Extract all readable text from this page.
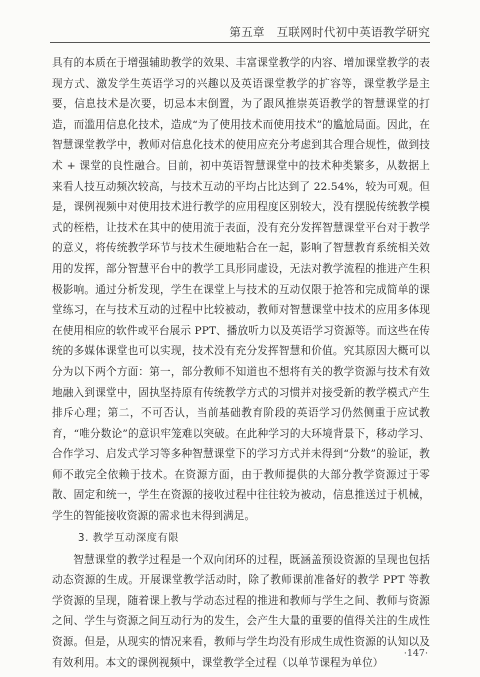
第五章　互联网时代初中英语教学研究

具有的本质在于增强辅助教学的效果、丰富课堂教学的内容、增加课堂教学的表现方式、激发学生英语学习的兴趣以及英语课堂教学的扩容等，课堂教学是主要，信息技术是次要，切忌本末倒置，为了跟风推崇英语教学的智慧课堂的打造，而滥用信息化技术，造成“为了使用技术而使用技术”的尴尬局面。因此，在智慧课堂教学中，教师对信息化技术的使用应充分考虑到其合理合规性，做到技术 + 课堂的良性融合。目前，初中英语智慧课堂中的技术种类繁多，从数据上来看人技互动频次较高，与技术互动的平均占比达到了 22.54%，较为可观。但是，课例视频中对使用技术进行教学的应用程度区别较大，没有摆脱传统教学模式的桎梏，让技术在其中的使用流于表面，没有充分发挥智慧课堂平台对于教学的意义，将传统教学环节与技术生硬地粘合在一起，影响了智慧教育系统相关效用的发挥，部分智慧平台中的教学工具形同虚设，无法对教学流程的推进产生积极影响。通过分析发现，学生在课堂上与技术的互动仅限于抢答和完成简单的课堂练习，在与技术互动的过程中比较被动，教师对智慧课堂中技术的应用多体现在使用相应的软件或平台展示 PPT、播放听力以及英语学习资源等。而这些在传统的多媒体课堂也可以实现，技术没有充分发挥智慧和价值。究其原因大概可以分为以下两个方面：第一，部分教师不知道也不想将有关的教学资源与技术有效地融入到课堂中，固执坚持原有传统教学方式的习惯并对接受新的教学模式产生排斥心理；第二，不可否认，当前基础教育阶段的英语学习仍然侧重于应试教育，“唯分数论”的意识牢笼难以突破。在此种学习的大环境背景下，移动学习、合作学习、启发式学习等多种智慧课堂下的学习方式并未得到“分数”的验证，教师不敢完全依赖于技术。在资源方面，由于教师提供的大部分教学资源过于零散、固定和统一，学生在资源的接收过程中往往较为被动，信息推送过于机械，学生的智能接收资源的需求也未得到满足。

3. 教学互动深度有限

智慧课堂的教学过程是一个双向闭环的过程，既涵盖预设资源的呈现也包括动态资源的生成。开展课堂教学活动时，除了教师课前准备好的教学 PPT 等教学资源的呈现，随着课上教与学动态过程的推进和教师与学生之间、教师与资源之间、学生与资源之间互动行为的发生，会产生大量的重要的值得关注的生成性资源。但是，从现实的情况来看，教师与学生均没有形成生成性资源的认知以及有效利用。本文的课例视频中，课堂教学全过程（以单节课程为单位）

·147·
